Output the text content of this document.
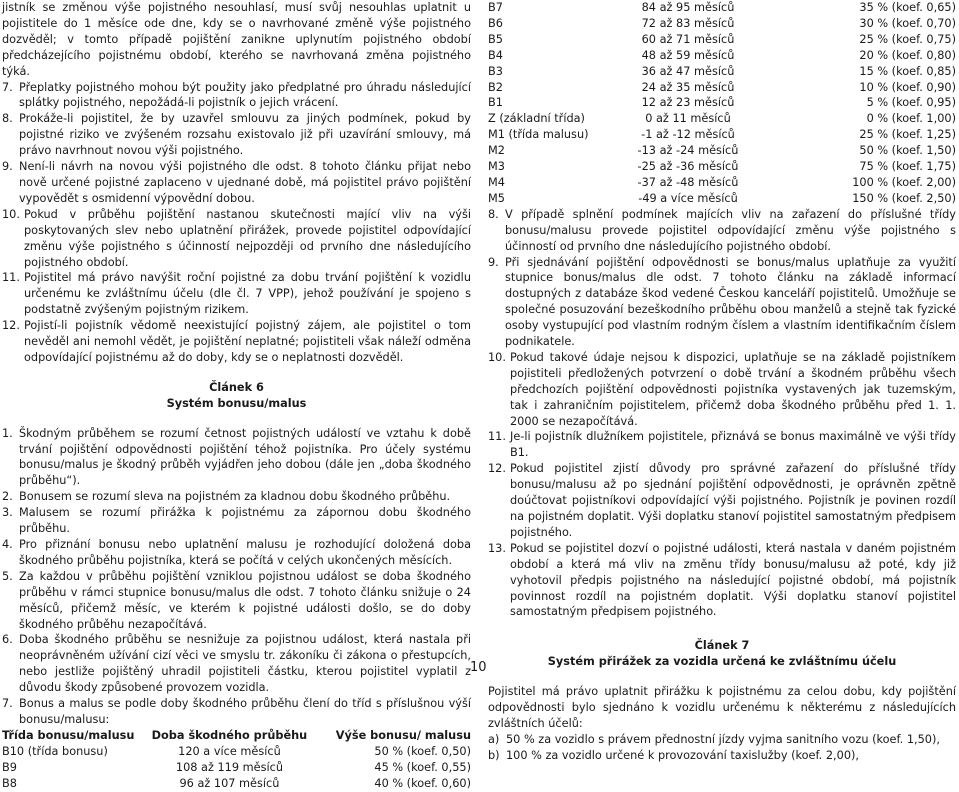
jistník se změnou výše pojistného nesouhlasí, musí svůj nesouhlas uplatnit u pojistitele do 1 měsíce ode dne, kdy se o navrhované změně výše pojistného dozvěděl; v tomto případě pojištění zanikne uplynutím pojistného období předcházejícího pojistnému období, kterého se navrhovaná změna pojistného týká.

7. Přeplatky pojistného mohou být použity jako předplatné pro úhradu následující splátky pojistného, nepožádá-li pojistník o jejich vrácení.
8. Prokáže-li pojistitel, že by uzavřel smlouvu za jiných podmínek, pokud by pojistné riziko ve zvýšeném rozsahu existovalo již při uzavírání smlouvy, má právo navrhnout novou výši pojistného.
9. Není-li návrh na novou výši pojistného dle odst. 8 tohoto článku přijat nebo nově určené pojistné zaplaceno v ujednané době, má pojistitel právo pojištění vypovědět s osmidenní výpovědní dobou.
10. Pokud v průběhu pojištění nastanou skutečnosti mající vliv na výši poskytovaných slev nebo uplatnění přirážek, provede pojistitel odpovídající změnu výše pojistného s účinností nejpozději od prvního dne následujícího pojistného období.
11. Pojistitel má právo navýšit roční pojistné za dobu trvání pojištění k vozidlu určenému ke zvláštnímu účelu (dle čl. 7 VPP), jehož používání je spojeno s podstatně zvýšeným pojistným rizikem.
12. Pojistí-li pojistník vědomě neexistující pojistný zájem, ale pojistitel o tom nevěděl ani nemohl vědět, je pojištění neplatné; pojistiteli však náleží odměna odpovídající pojistnému až do doby, kdy se o neplatnosti dozvěděl.
Článek 6
Systém bonusu/malus
1. Škodným průběhem se rozumí četnost pojistných událostí ve vztahu k době trvání pojištění odpovědnosti pojištění téhož pojistníka. Pro účely systému bonusu/malus je škodný průběh vyjádřen jeho dobou (dále jen „doba škodného průběhu“).
2. Bonusem se rozumí sleva na pojistném za kladnou dobu škodného průběhu.
3. Malusem se rozumí přirážka k pojistnému za zápornou dobu škodného průběhu.
4. Pro přiznání bonusu nebo uplatnění malusu je rozhodující doložená doba škodného průběhu pojistníka, která se počítá v celých ukončených měsících.
5. Za každou v průběhu pojištění vzniklou pojistnou událost se doba škodného průběhu v rámci stupnice bonusu/malus dle odst. 7 tohoto článku snižuje o 24 měsíců, přičemž měsíc, ve kterém k pojistné události došlo, se do doby škodného průběhu nezapočítává.
6. Doba škodného průběhu se nesnižuje za pojistnou událost, která nastala při neoprávněném užívání cizí věci ve smyslu tr. zákoníku či zákona o přestupcích, nebo jestliže pojištěný uhradil pojistiteli částku, kterou pojistitel vyplatil z důvodu škody způsobené provozem vozidla.
7. Bonus a malus se podle doby škodného průběhu člení do tříd s příslušnou výší bonusu/malusu:
Třída bonusu/malusu	Doba škodného průběhu	Výše bonusu/ malusu
B10 (třída bonusu)	120 a více měsíců	50 % (koef. 0,50)
B9	108 až 119 měsíců	45 % (koef. 0,55)
B8	96 až 107 měsíců	40 % (koef. 0,60)
B7	84 až 95 měsíců	35 % (koef. 0,65)
B6	72 až 83 měsíců	30 % (koef. 0,70)
B5	60 až 71 měsíců	25 % (koef. 0,75)
B4	48 až 59 měsíců	20 % (koef. 0,80)
B3	36 až 47 měsíců	15 % (koef. 0,85)
B2	24 až 35 měsíců	10 % (koef. 0,90)
B1	12 až 23 měsíců	5 % (koef. 0,95)
Z (základní třída)	0 až 11 měsíců	0 % (koef. 1,00)
M1 (třída malusu)	-1 až -12 měsíců	25 % (koef. 1,25)
M2	-13 až -24 měsíců	50 % (koef. 1,50)
M3	-25 až -36 měsíců	75 % (koef. 1,75)
M4	-37 až -48 měsíců	100 % (koef. 2,00)
M5	-49 a více měsíců	150 % (koef. 2,50)
8. V případě splnění podmínek majících vliv na zařazení do příslušné třídy bonusu/malusu provede pojistitel odpovídající změnu výše pojistného s účinností od prvního dne následujícího pojistného období.
9. Při sjednávání pojištění odpovědnosti se bonus/malus uplatňuje za využití stupnice bonus/malus dle odst. 7 tohoto článku na základě informací dostupných z databáze škod vedené Českou kanceláří pojistitelů. Umožňuje se společné posuzování bezeškodního průběhu obou manželů a stejně tak fyzické osoby vystupující pod vlastním rodným číslem a vlastním identifikačním číslem podnikatele.
10. Pokud takové údaje nejsou k dispozici, uplatňuje se na základě pojistníkem pojistiteli předložených potvrzení o době trvání a škodném průběhu všech předchozích pojištění odpovědnosti pojistníka vystavených jak tuzemským, tak i zahraničním pojistitelem, přičemž doba škodného průběhu před 1. 1. 2000 se nezapočítává.
11. Je-li pojistník dlužníkem pojistitele, přiznává se bonus maximálně ve výši třídy B1.
12. Pokud pojistitel zjistí důvody pro správné zařazení do příslušné třídy bonusu/malusu až po sjednání pojištění odpovědnosti, je oprávněn zpětně doúčtovat pojistníkovi odpovídající výši pojistného. Pojistník je povinen rozdíl na pojistném doplatit. Výši doplatku stanoví pojistitel samostatným předpisem pojistného.
13. Pokud se pojistitel dozví o pojistné události, která nastala v daném pojistném období a která má vliv na změnu třídy bonusu/malusu až poté, kdy již vyhotovil předpis pojistného na následující pojistné období, má pojistník povinnost rozdíl na pojistném doplatit. Výši doplatku stanoví pojistitel samostatným předpisem pojistného.
Článek 7
Systém přirážek za vozidla určená ke zvláštnímu účelu

Pojistitel má právo uplatnit přirážku k pojistnému za celou dobu, kdy pojištění odpovědnosti bylo sjednáno k vozidlu určenému k některému z následujících zvláštních účelů:

a) 50 % za vozidlo s právem přednostní jízdy vyjma sanitního vozu (koef. 1,50),
b) 100 % za vozidlo určené k provozování taxislužby (koef. 2,00),
10
